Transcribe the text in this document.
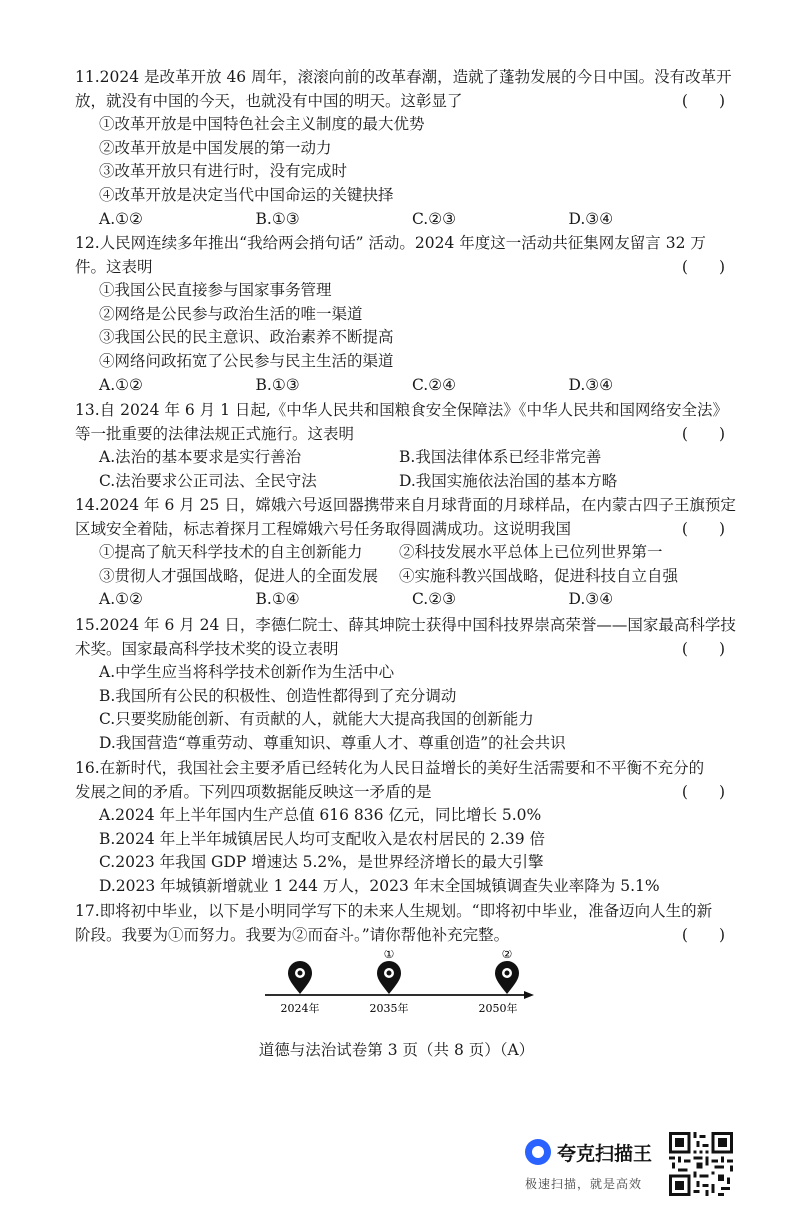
11.2024 是改革开放 46 周年，滚滚向前的改革春潮，造就了蓬勃发展的今日中国。没有改革开
放，就没有中国的今天，也就没有中国的明天。这彰显了	(　　)
①改革开放是中国特色社会主义制度的最大优势
②改革开放是中国发展的第一动力
③改革开放只有进行时，没有完成时
④改革开放是决定当代中国命运的关键抉择
A.①②	B.①③	C.②③	D.③④
12.人民网连续多年推出“我给两会捎句话” 活动。2024 年度这一活动共征集网友留言 32 万
件。这表明	(　　)
①我国公民直接参与国家事务管理
②网络是公民参与政治生活的唯一渠道
③我国公民的民主意识、政治素养不断提高
④网络问政拓宽了公民参与民主生活的渠道
A.①②	B.①③	C.②④	D.③④
13.自 2024 年 6 月 1 日起,《中华人民共和国粮食安全保障法》《中华人民共和国网络安全法》
等一批重要的法律法规正式施行。这表明	(　　)
A.法治的基本要求是实行善治	B.我国法律体系已经非常完善
C.法治要求公正司法、全民守法	D.我国实施依法治国的基本方略
14.2024 年 6 月 25 日，嫦娥六号返回器携带来自月球背面的月球样品，在内蒙古四子王旗预定
区域安全着陆，标志着探月工程嫦娥六号任务取得圆满成功。这说明我国	(　　)
①提高了航天科学技术的自主创新能力	②科技发展水平总体上已位列世界第一
③贯彻人才强国战略，促进人的全面发展	④实施科教兴国战略，促进科技自立自强
A.①②	B.①④	C.②③	D.③④
15.2024 年 6 月 24 日，李德仁院士、薛其坤院士获得中国科技界崇高荣誉——国家最高科学技
术奖。国家最高科学技术奖的设立表明	(　　)
A.中学生应当将科学技术创新作为生活中心
B.我国所有公民的积极性、创造性都得到了充分调动
C.只要奖励能创新、有贡献的人，就能大大提高我国的创新能力
D.我国营造“尊重劳动、尊重知识、尊重人才、尊重创造”的社会共识
16.在新时代，我国社会主要矛盾已经转化为人民日益增长的美好生活需要和不平衡不充分的
发展之间的矛盾。下列四项数据能反映这一矛盾的是	(　　)
A.2024 年上半年国内生产总值 616 836 亿元，同比增长 5.0%
B.2024 年上半年城镇居民人均可支配收入是农村居民的 2.39 倍
C.2023 年我国 GDP 增速达 5.2%，是世界经济增长的最大引擎
D.2023 年城镇新增就业 1 244 万人，2023 年末全国城镇调查失业率降为 5.1%
17.即将初中毕业，以下是小明同学写下的未来人生规划。“即将初中毕业，准备迈向人生的新
阶段。我要为①而努力。我要为②而奋斗。”请你帮他补充完整。	(　　)
2024年
①
2035年
②
2050年
道德与法治试卷第 3 页（共 8 页）（A）
夸克扫描王
极速扫描，就是高效
